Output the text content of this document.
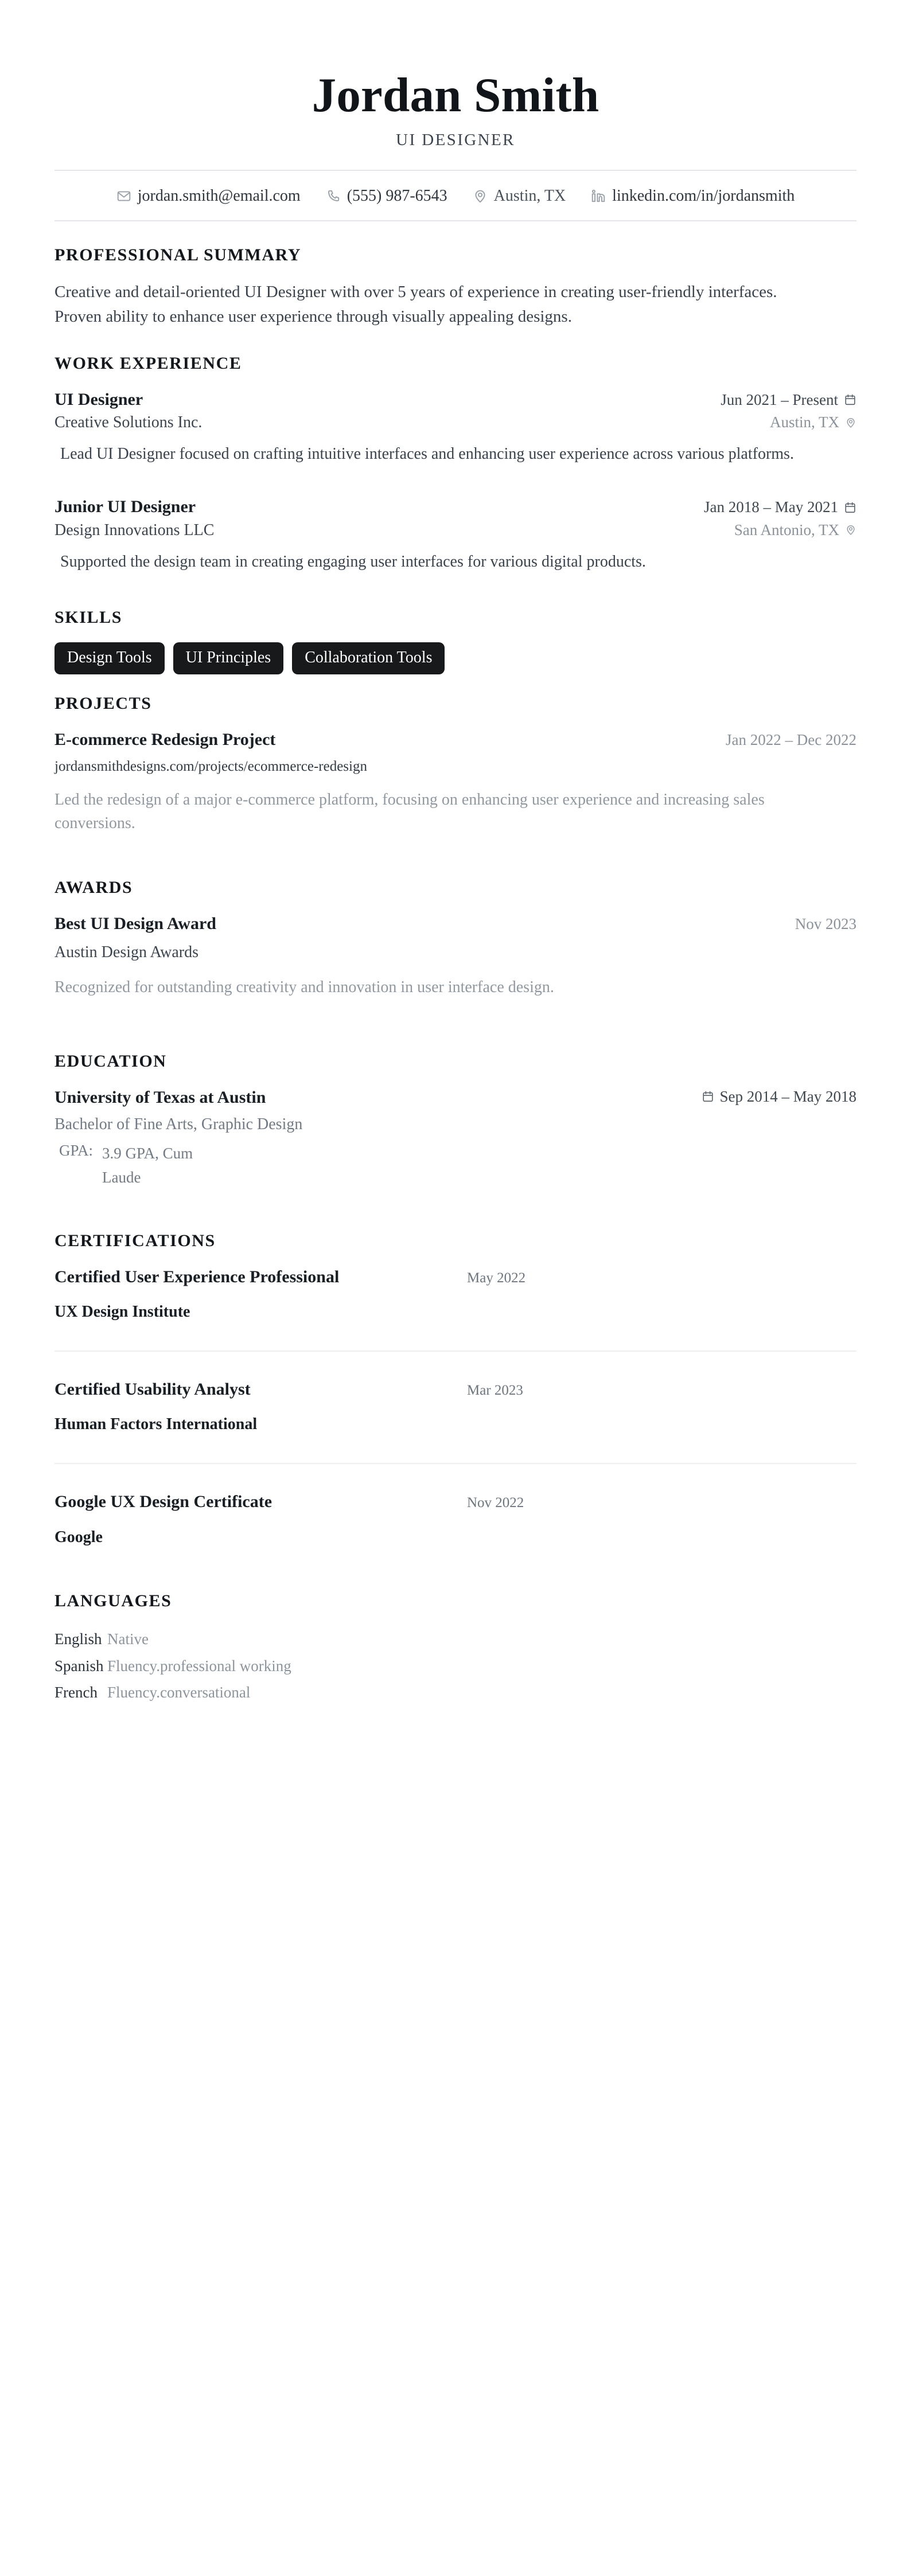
Jordan Smith
UI DESIGNER
jordan.smith@email.com	(555) 987-6543	Austin, TX	linkedin.com/in/jordansmith
PROFESSIONAL SUMMARY
Creative and detail-oriented UI Designer with over 5 years of experience in creating user-friendly interfaces. Proven ability to enhance user experience through visually appealing designs.
WORK EXPERIENCE
UI Designer	Jun 2021 – Present
Creative Solutions Inc.	Austin, TX
Lead UI Designer focused on crafting intuitive interfaces and enhancing user experience across various platforms.
Junior UI Designer	Jan 2018 – May 2021
Design Innovations LLC	San Antonio, TX
Supported the design team in creating engaging user interfaces for various digital products.
SKILLS
Design Tools	UI Principles	Collaboration Tools
PROJECTS
E-commerce Redesign Project	Jan 2022 – Dec 2022
jordansmithdesigns.com/projects/ecommerce-redesign
Led the redesign of a major e-commerce platform, focusing on enhancing user experience and increasing sales conversions.
AWARDS
Best UI Design Award	Nov 2023
Austin Design Awards
Recognized for outstanding creativity and innovation in user interface design.
EDUCATION
University of Texas at Austin	Sep 2014 – May 2018
Bachelor of Fine Arts, Graphic Design
GPA: 3.9 GPA, Cum Laude
CERTIFICATIONS
Certified User Experience Professional
UX Design Institute
May 2022
Certified Usability Analyst
Human Factors International
Mar 2023
Google UX Design Certificate
Google
Nov 2022
LANGUAGES
English Native
Spanish Fluency.professional working
French Fluency.conversational
